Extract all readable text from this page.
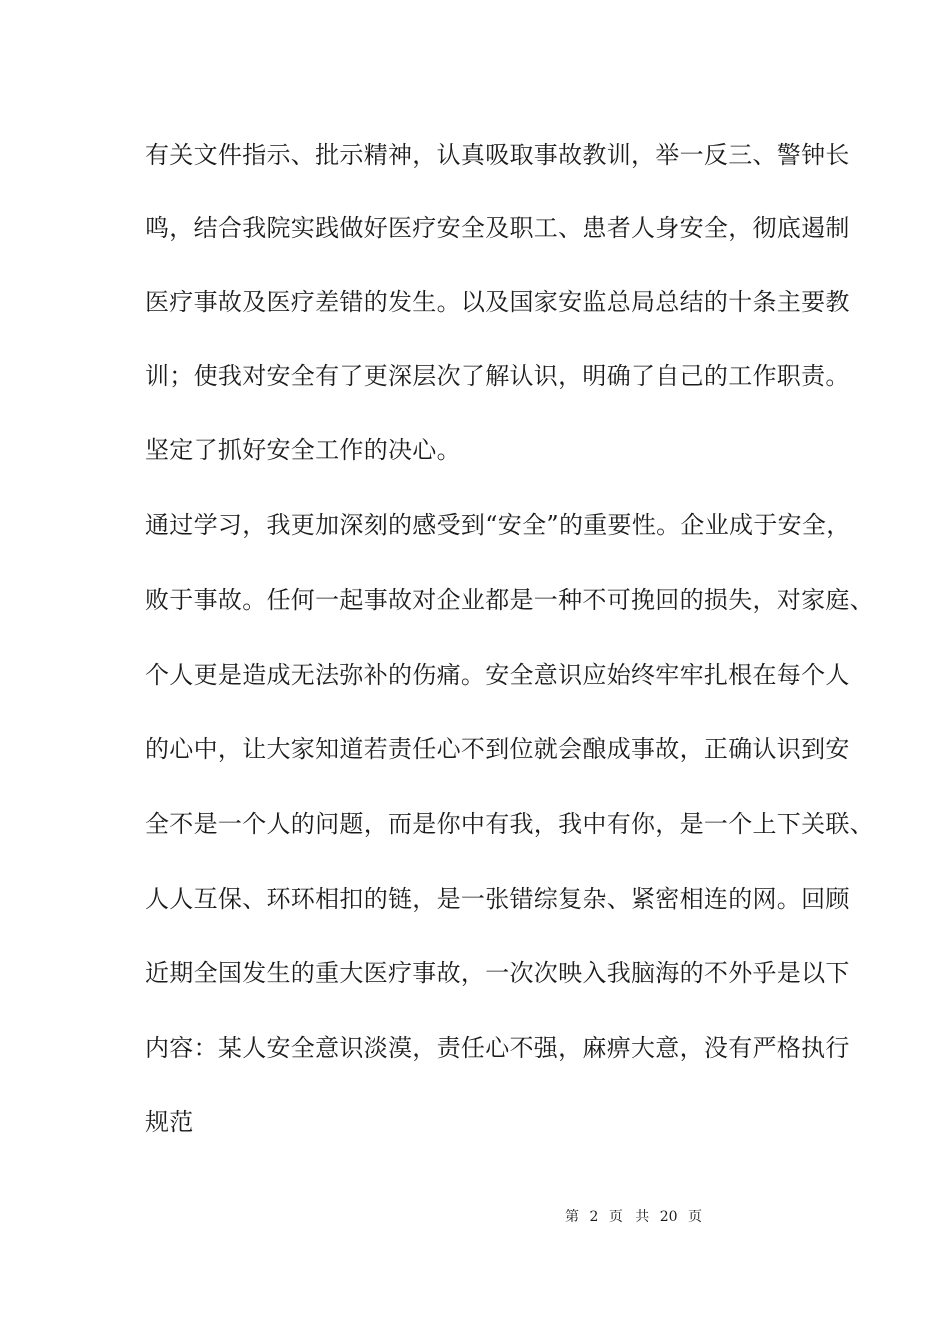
有关文件指示、批示精神，认真吸取事故教训，举一反三、警钟长
鸣，结合我院实践做好医疗安全及职工、患者人身安全，彻底遏制
医疗事故及医疗差错的发生。以及国家安监总局总结的十条主要教
训；使我对安全有了更深层次了解认识，明确了自己的工作职责。
坚定了抓好安全工作的决心。
通过学习，我更加深刻的感受到“安全”的重要性。企业成于安全，
败于事故。任何一起事故对企业都是一种不可挽回的损失，对家庭、
个人更是造成无法弥补的伤痛。安全意识应始终牢牢扎根在每个人
的心中，让大家知道若责任心不到位就会酿成事故，正确认识到安
全不是一个人的问题，而是你中有我，我中有你，是一个上下关联、
人人互保、环环相扣的链，是一张错综复杂、紧密相连的网。回顾
近期全国发生的重大医疗事故，一次次映入我脑海的不外乎是以下
内容：某人安全意识淡漠，责任心不强，麻痹大意，没有严格执行
规范
第 2 页 共 20 页
